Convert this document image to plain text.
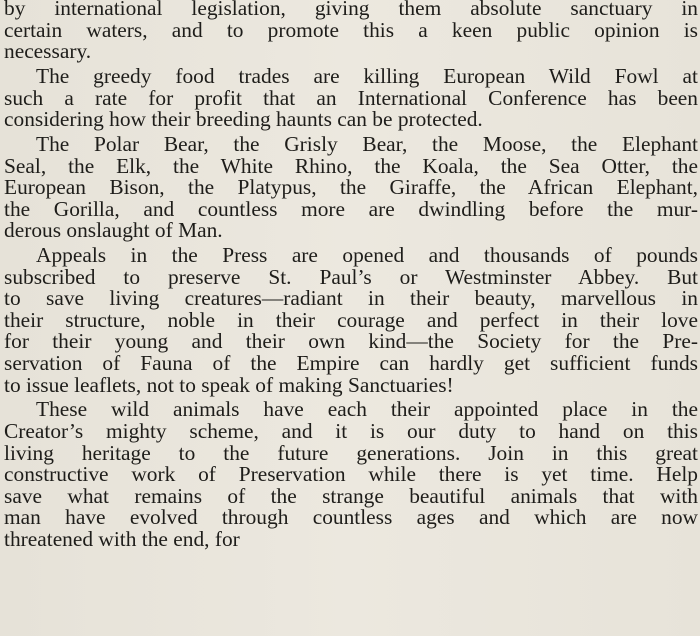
by international legislation, giving them absolute sanctuary in
certain waters, and to promote this a keen public opinion is
necessary.
The greedy food trades are killing European Wild Fowl at
such a rate for profit that an International Conference has been
considering how their breeding haunts can be protected.
The Polar Bear, the Grisly Bear, the Moose, the Elephant
Seal, the Elk, the White Rhino, the Koala, the Sea Otter, the
European Bison, the Platypus, the Giraffe, the African Elephant,
the Gorilla, and countless more are dwindling before the mur-
derous onslaught of Man.
Appeals in the Press are opened and thousands of pounds
subscribed to preserve St. Paul’s or Westminster Abbey. But
to save living creatures—radiant in their beauty, marvellous in
their structure, noble in their courage and perfect in their love
for their young and their own kind—the Society for the Pre-
servation of Fauna of the Empire can hardly get sufficient funds
to issue leaflets, not to speak of making Sanctuaries!
These wild animals have each their appointed place in the
Creator’s mighty scheme, and it is our duty to hand on this
living heritage to the future generations. Join in this great
constructive work of Preservation while there is yet time. Help
save what remains of the strange beautiful animals that with
man have evolved through countless ages and which are now
threatened with the end, for
